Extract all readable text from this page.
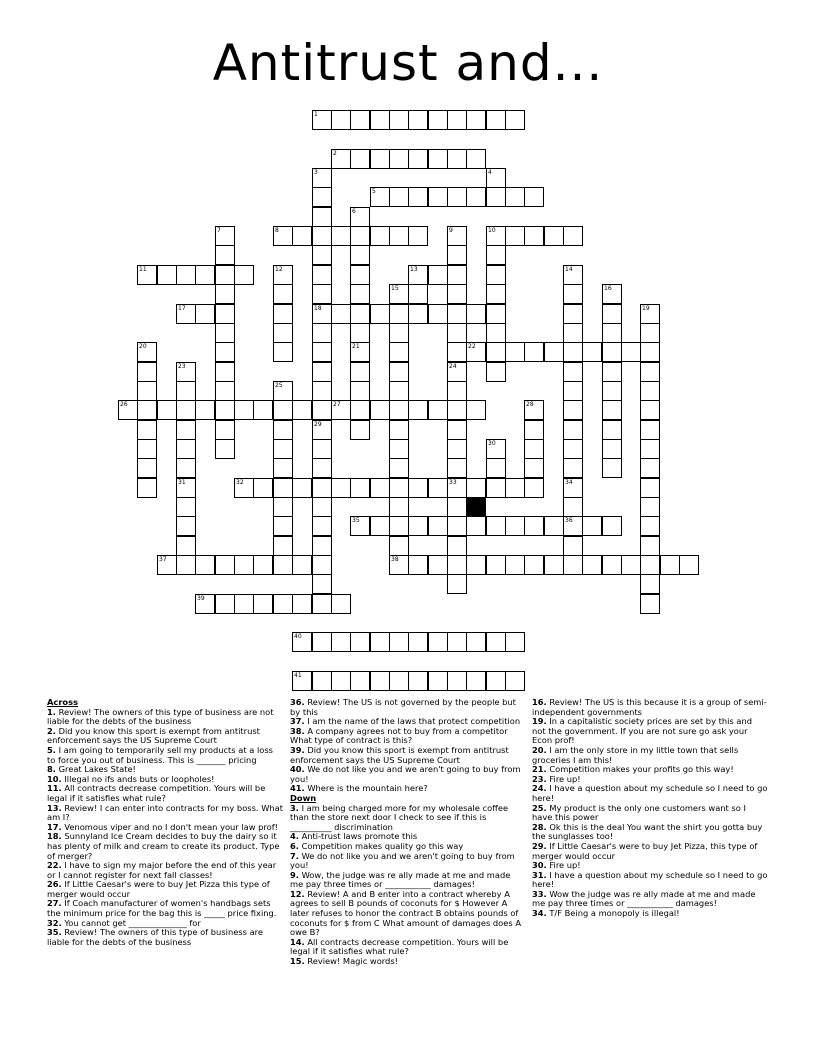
Antitrust and...
1
2
3
18
29
4
5
6
21
7	8	9	10
11	12	13	14
15	16
17	19
20	22
23	24
25
26	27	28
30
31	32	33	34
36
35
37	38
39
40
41
Across
1. Review! The owners of this type of business are not liable for the debts of the business
2. Did you know this sport is exempt from antitrust enforcement says the US Supreme Court
5. I am going to temporarily sell my products at a loss to force you out of business. This is _______ pricing
8. Great Lakes State!
10. Illegal no ifs ands buts or loopholes!
11. All contracts decrease competition. Yours will be legal if it satisfies what rule?
13. Review! I can enter into contracts for my boss. What am I?
17. Venomous viper and no I don't mean your law prof!
18. Sunnyland Ice Cream decides to buy the dairy so it has plenty of milk and cream to create its product. Type of merger?
22. I have to sign my major before the end of this year or I cannot register for next fall classes!
26. If Little Caesar's were to buy Jet Pizza this type of merger would occur
27. If Coach manufacturer of women's handbags sets the minimum price for the bag this is _____ price fixing.
32. You cannot get ______________ for
35. Review! The owners of this type of business are liable for the debts of the business
36. Review! The US is not governed by the people but by this
37. I am the name of the laws that protect competition
38. A company agrees not to buy from a competitor What type of contract is this?
39. Did you know this sport is exempt from antitrust enforcement says the US Supreme Court
40. We do not like you and we aren't going to buy from you!
41. Where is the mountain here?
Down
3. I am being charged more for my wholesale coffee than the store next door I check to see if this is __________ discrimination
4. Anti-trust laws promote this
6. Competition makes quality go this way
7. We do not like you and we aren't going to buy from you!
9. Wow, the judge was re ally made at me and made me pay three times or ___________ damages!
12. Review! A and B enter into a contract whereby A agrees to sell B pounds of coconuts for $ However A later refuses to honor the contract B obtains pounds of coconuts for $ from C What amount of damages does A owe B?
14. All contracts decrease competition. Yours will be legal if it satisfies what rule?
15. Review! Magic words!
16. Review! The US is this because it is a group of semi-independent governments
19. In a capitalistic society prices are set by this and not the government. If you are not sure go ask your Econ prof!
20. I am the only store in my little town that sells groceries I am this!
21. Competition makes your profits go this way!
23. Fire up!
24. I have a question about my schedule so I need to go here!
25. My product is the only one customers want so I have this power
28. Ok this is the deal You want the shirt you gotta buy the sunglasses too!
29. If Little Caesar's were to buy Jet Pizza, this type of merger would occur
30. Fire up!
31. I have a question about my schedule so I need to go here!
33. Wow the judge was re ally made at me and made me pay three times or ___________ damages!
34. T/F Being a monopoly is illegal!
